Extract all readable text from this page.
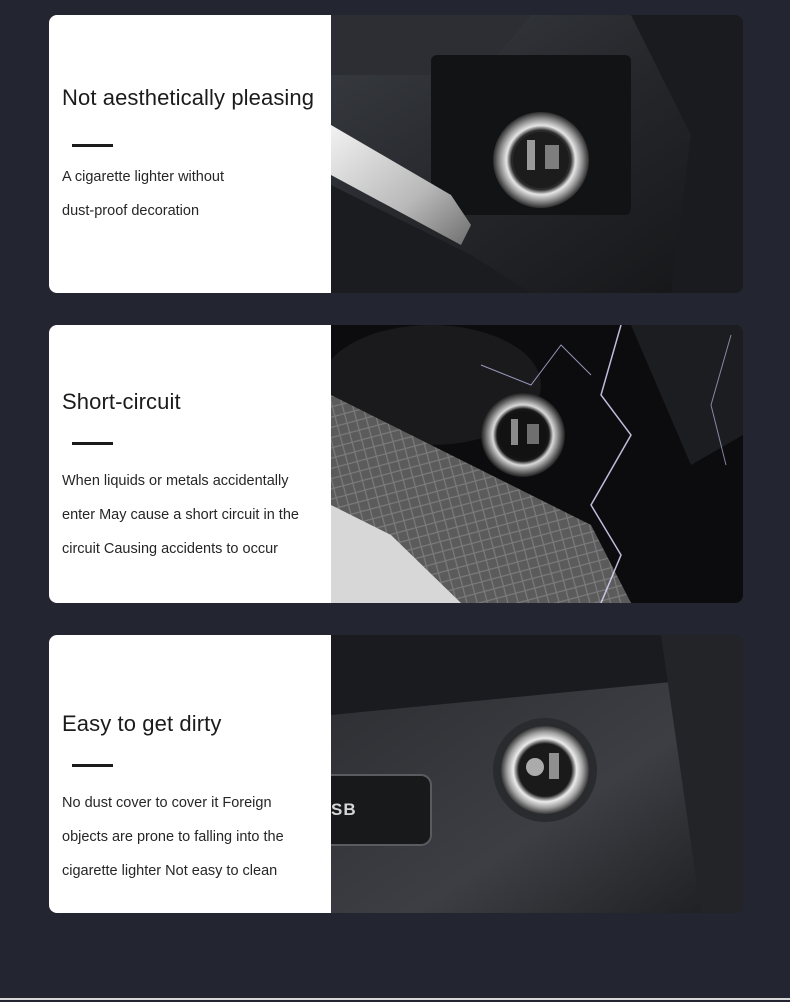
Not aesthetically pleasing
A cigarette lighter without
dust-proof decoration
Short-circuit
When liquids or metals accidentally
enter May cause a short circuit in the
circuit Causing accidents to occur
Easy to get dirty
No dust cover to cover it Foreign
objects are prone to falling into the
cigarette lighter Not easy to clean
SB
